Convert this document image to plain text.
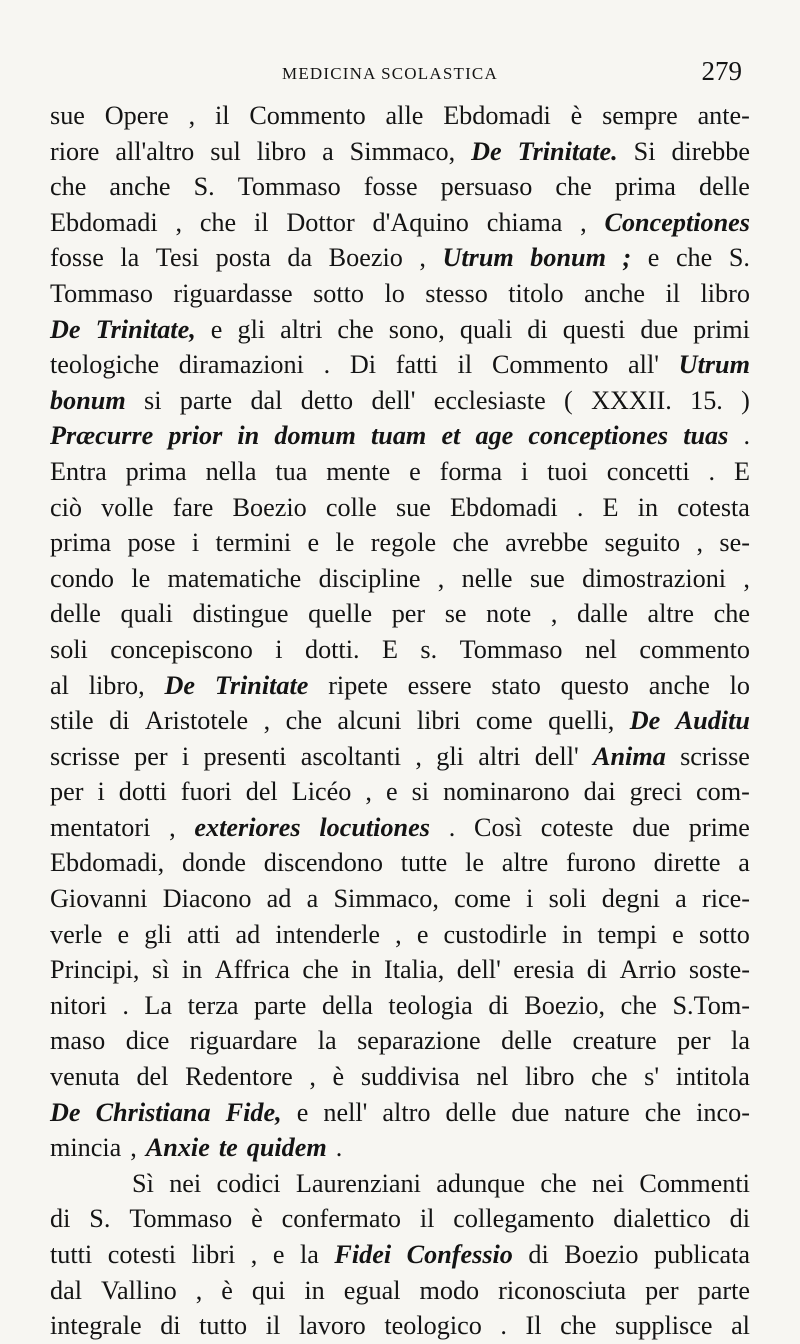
MEDICINA SCOLASTICA	279
sue Opere , il Commento alle Ebdomadi è sempre ante-
riore all'altro sul libro a Simmaco, De Trinitate. Si direbbe
che anche S. Tommaso fosse persuaso che prima delle
Ebdomadi , che il Dottor d'Aquino chiama , Conceptiones
fosse la Tesi posta da Boezio , Utrum bonum ; e che S.
Tommaso riguardasse sotto lo stesso titolo anche il libro
De Trinitate, e gli altri che sono, quali di questi due primi
teologiche diramazioni . Di fatti il Commento all' Utrum
bonum si parte dal detto dell' ecclesiaste ( XXXII. 15. )
Præcurre prior in domum tuam et age conceptiones tuas .
Entra prima nella tua mente e forma i tuoi concetti . E
ciò volle fare Boezio colle sue Ebdomadi . E in cotesta
prima pose i termini e le regole che avrebbe seguito , se-
condo le matematiche discipline , nelle sue dimostrazioni ,
delle quali distingue quelle per se note , dalle altre che
soli concepiscono i dotti. E s. Tommaso nel commento
al libro, De Trinitate ripete essere stato questo anche lo
stile di Aristotele , che alcuni libri come quelli, De Auditu
scrisse per i presenti ascoltanti , gli altri dell' Anima scrisse
per i dotti fuori del Licéo , e si nominarono dai greci com-
mentatori , exteriores locutiones . Così coteste due prime
Ebdomadi, donde discendono tutte le altre furono dirette a
Giovanni Diacono ad a Simmaco, come i soli degni a rice-
verle e gli atti ad intenderle , e custodirle in tempi e sotto
Principi, sì in Affrica che in Italia, dell' eresia di Arrio soste-
nitori . La terza parte della teologia di Boezio, che S.Tom-
maso dice riguardare la separazione delle creature per la
venuta del Redentore , è suddivisa nel libro che s' intitola
De Christiana Fide, e nell' altro delle due nature che inco-
mincia , Anxie te quidem .
Sì nei codici Laurenziani adunque che nei Commenti
di S. Tommaso è confermato il collegamento dialettico di
tutti cotesti libri , e la Fidei Confessio di Boezio publicata
dal Vallino , è qui in egual modo riconosciuta per parte
integrale di tutto il lavoro teologico . Il che supplisce al
